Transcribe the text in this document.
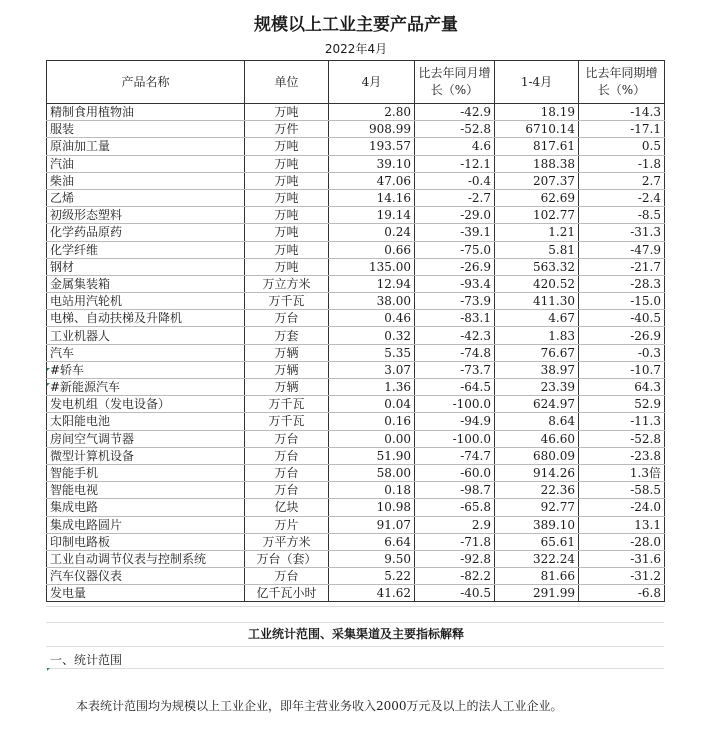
规模以上工业主要产品产量
2022年4月
产品名称	单位	4月	比去年同月增长（%）	1-4月	比去年同期增长（%）
精制食用植物油	万吨	2.80	-42.9	18.19	-14.3
服装	万件	908.99	-52.8	6710.14	-17.1
原油加工量	万吨	193.57	4.6	817.61	0.5
汽油	万吨	39.10	-12.1	188.38	-1.8
柴油	万吨	47.06	-0.4	207.37	2.7
乙烯	万吨	14.16	-2.7	62.69	-2.4
初级形态塑料	万吨	19.14	-29.0	102.77	-8.5
化学药品原药	万吨	0.24	-39.1	1.21	-31.3
化学纤维	万吨	0.66	-75.0	5.81	-47.9
钢材	万吨	135.00	-26.9	563.32	-21.7
金属集装箱	万立方米	12.94	-93.4	420.52	-28.3
电站用汽轮机	万千瓦	38.00	-73.9	411.30	-15.0
电梯、自动扶梯及升降机	万台	0.46	-83.1	4.67	-40.5
工业机器人	万套	0.32	-42.3	1.83	-26.9
汽车	万辆	5.35	-74.8	76.67	-0.3
#轿车	万辆	3.07	-73.7	38.97	-10.7
#新能源汽车	万辆	1.36	-64.5	23.39	64.3
发电机组（发电设备）	万千瓦	0.04	-100.0	624.97	52.9
太阳能电池	万千瓦	0.16	-94.9	8.64	-11.3
房间空气调节器	万台	0.00	-100.0	46.60	-52.8
微型计算机设备	万台	51.90	-74.7	680.09	-23.8
智能手机	万台	58.00	-60.0	914.26	1.3倍
智能电视	万台	0.18	-98.7	22.36	-58.5
集成电路	亿块	10.98	-65.8	92.77	-24.0
集成电路圆片	万片	91.07	2.9	389.10	13.1
印制电路板	万平方米	6.64	-71.8	65.61	-28.0
工业自动调节仪表与控制系统	万台（套）	9.50	-92.8	322.24	-31.6
汽车仪器仪表	万台	5.22	-82.2	81.66	-31.2
发电量	亿千瓦小时	41.62	-40.5	291.99	-6.8
工业统计范围、采集渠道及主要指标解释
一、统计范围
本表统计范围均为规模以上工业企业，即年主营业务收入2000万元及以上的法人工业企业。
